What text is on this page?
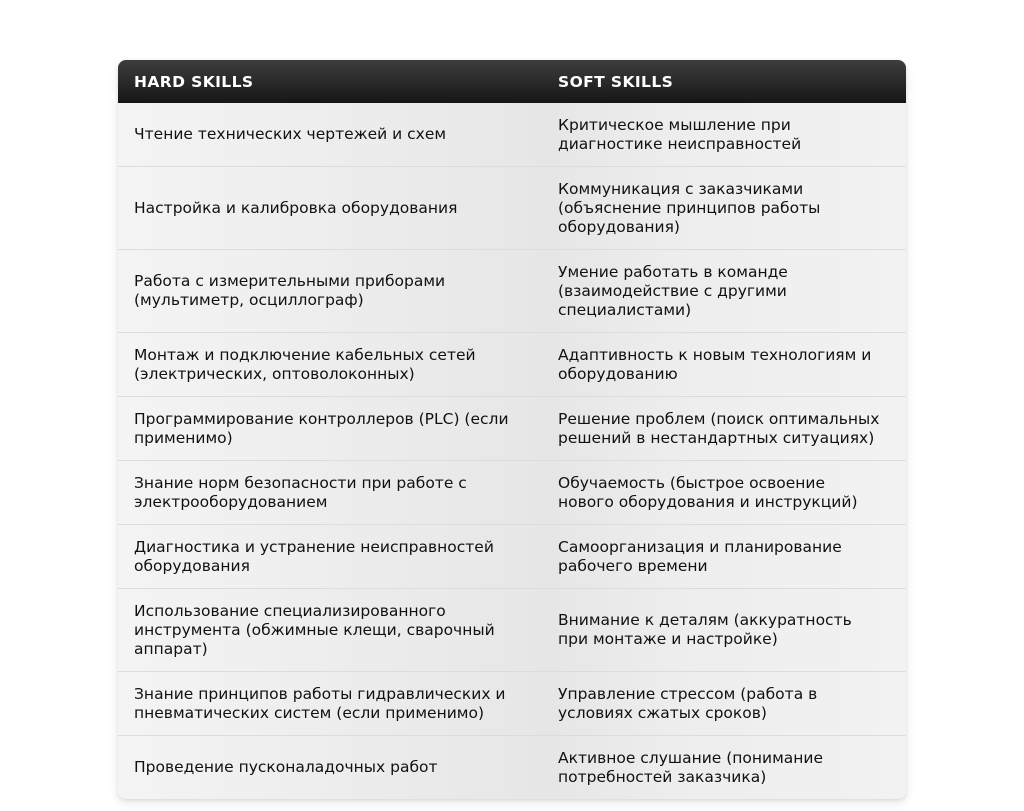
HARD SKILLS	SOFT SKILLS
Чтение технических чертежей и схем
Критическое мышление при
диагностике неисправностей
Настройка и калибровка оборудования
Коммуникация с заказчиками
(объяснение принципов работы
оборудования)
Работа с измерительными приборами
(мультиметр, осциллограф)
Умение работать в команде
(взаимодействие с другими
специалистами)
Монтаж и подключение кабельных сетей
(электрических, оптоволоконных)
Адаптивность к новым технологиям и
оборудованию
Программирование контроллеров (PLC) (если
применимо)
Решение проблем (поиск оптимальных
решений в нестандартных ситуациях)
Знание норм безопасности при работе с
электрооборудованием
Обучаемость (быстрое освоение
нового оборудования и инструкций)
Диагностика и устранение неисправностей
оборудования
Самоорганизация и планирование
рабочего времени
Использование специализированного
инструмента (обжимные клещи, сварочный
аппарат)
Внимание к деталям (аккуратность
при монтаже и настройке)
Знание принципов работы гидравлических и
пневматических систем (если применимо)
Управление стрессом (работа в
условиях сжатых сроков)
Проведение пусконаладочных работ
Активное слушание (понимание
потребностей заказчика)
